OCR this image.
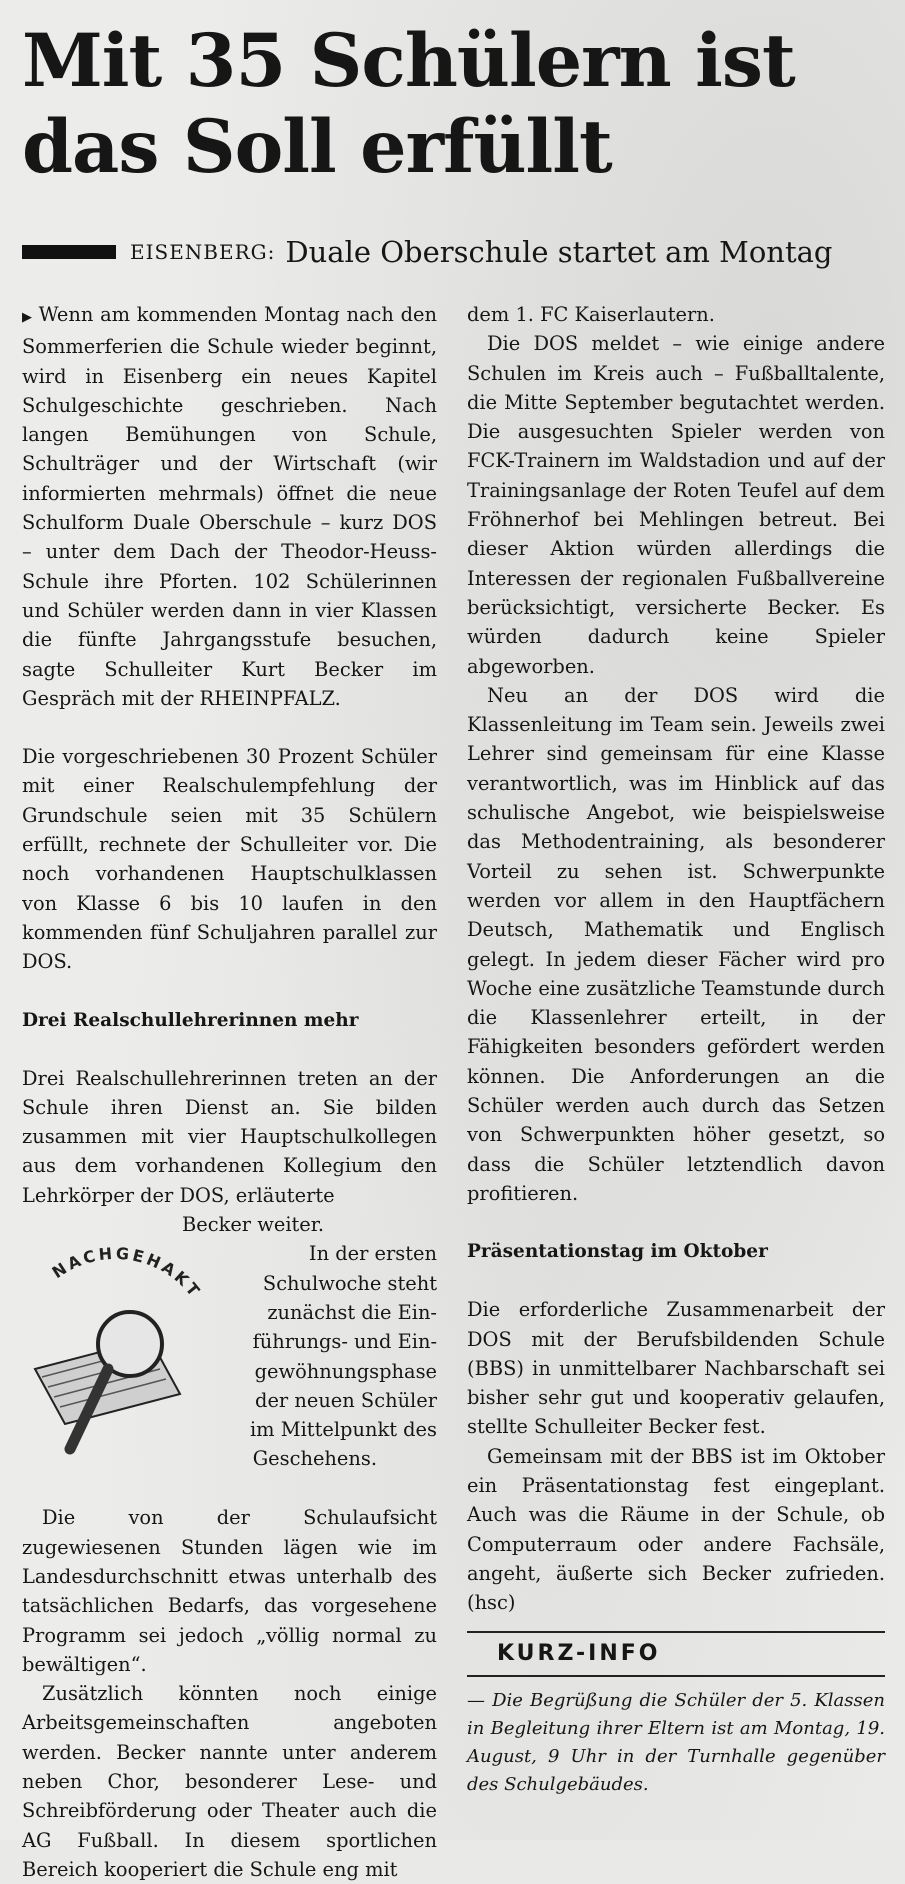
Mit 35 Schülern ist das Soll erfüllt
EISENBERG: Duale Oberschule startet am Montag

▶ Wenn am kommenden Montag nach den Sommerferien die Schule wieder beginnt, wird in Eisenberg ein neues Kapitel Schulgeschichte geschrieben. Nach langen Bemühungen von Schule, Schulträger und der Wirtschaft (wir informierten mehrmals) öffnet die neue Schulform Duale Oberschule – kurz DOS – unter dem Dach der Theodor-Heuss-Schule ihre Pforten. 102 Schülerinnen und Schüler werden dann in vier Klassen die fünfte Jahrgangsstufe besuchen, sagte Schulleiter Kurt Becker im Gespräch mit der RHEINPFALZ.

Die vorgeschriebenen 30 Prozent Schüler mit einer Realschulempfehlung der Grundschule seien mit 35 Schülern erfüllt, rechnete der Schulleiter vor. Die noch vorhandenen Hauptschulklassen von Klasse 6 bis 10 laufen in den kommenden fünf Schuljahren parallel zur DOS.

Drei Realschullehrerinnen mehr

Drei Realschullehrerinnen treten an der Schule ihren Dienst an. Sie bilden zusammen mit vier Hauptschulkollegen aus dem vorhandenen Kollegium den Lehrkörper der DOS, erläuterte

Becker weiter.

NACHGEHAKT
In der ersten
Schulwoche steht
zunächst die Ein-
führungs- und Ein-
gewöhnungsphase
der neuen Schüler
im Mittelpunkt des
Geschehens.

Die von der Schulaufsicht zugewiesenen Stunden lägen wie im Landesdurchschnitt etwas unterhalb des tatsächlichen Bedarfs, das vorgesehene Programm sei jedoch „völlig normal zu bewältigen“.

Zusätzlich könnten noch einige Arbeitsgemeinschaften angeboten werden. Becker nannte unter anderem neben Chor, besonderer Lese- und Schreibförderung oder Theater auch die AG Fußball. In diesem sportlichen Bereich kooperiert die Schule eng mit

dem 1. FC Kaiserlautern.

Die DOS meldet – wie einige andere Schulen im Kreis auch – Fußballtalente, die Mitte September begutachtet werden. Die ausgesuchten Spieler werden von FCK-Trainern im Waldstadion und auf der Trainingsanlage der Roten Teufel auf dem Fröhnerhof bei Mehlingen betreut. Bei dieser Aktion würden allerdings die Interessen der regionalen Fußballvereine berücksichtigt, versicherte Becker. Es würden dadurch keine Spieler abgeworben.

Neu an der DOS wird die Klassenleitung im Team sein. Jeweils zwei Lehrer sind gemeinsam für eine Klasse verantwortlich, was im Hinblick auf das schulische Angebot, wie beispielsweise das Methodentraining, als besonderer Vorteil zu sehen ist. Schwerpunkte werden vor allem in den Hauptfächern Deutsch, Mathematik und Englisch gelegt. In jedem dieser Fächer wird pro Woche eine zusätzliche Teamstunde durch die Klassenlehrer erteilt, in der Fähigkeiten besonders gefördert werden können. Die Anforderungen an die Schüler werden auch durch das Setzen von Schwerpunkten höher gesetzt, so dass die Schüler letztendlich davon profitieren.

Präsentationstag im Oktober

Die erforderliche Zusammenarbeit der DOS mit der Berufsbildenden Schule (BBS) in unmittelbarer Nachbarschaft sei bisher sehr gut und kooperativ gelaufen, stellte Schulleiter Becker fest.

Gemeinsam mit der BBS ist im Oktober ein Präsentationstag fest eingeplant. Auch was die Räume in der Schule, ob Computerraum oder andere Fachsäle, angeht, äußerte sich Becker zufrieden. (hsc)

KURZ-INFO
— Die Begrüßung die Schüler der 5. Klassen in Begleitung ihrer Eltern ist am Montag, 19. August, 9 Uhr in der Turnhalle gegenüber des Schulgebäudes.
